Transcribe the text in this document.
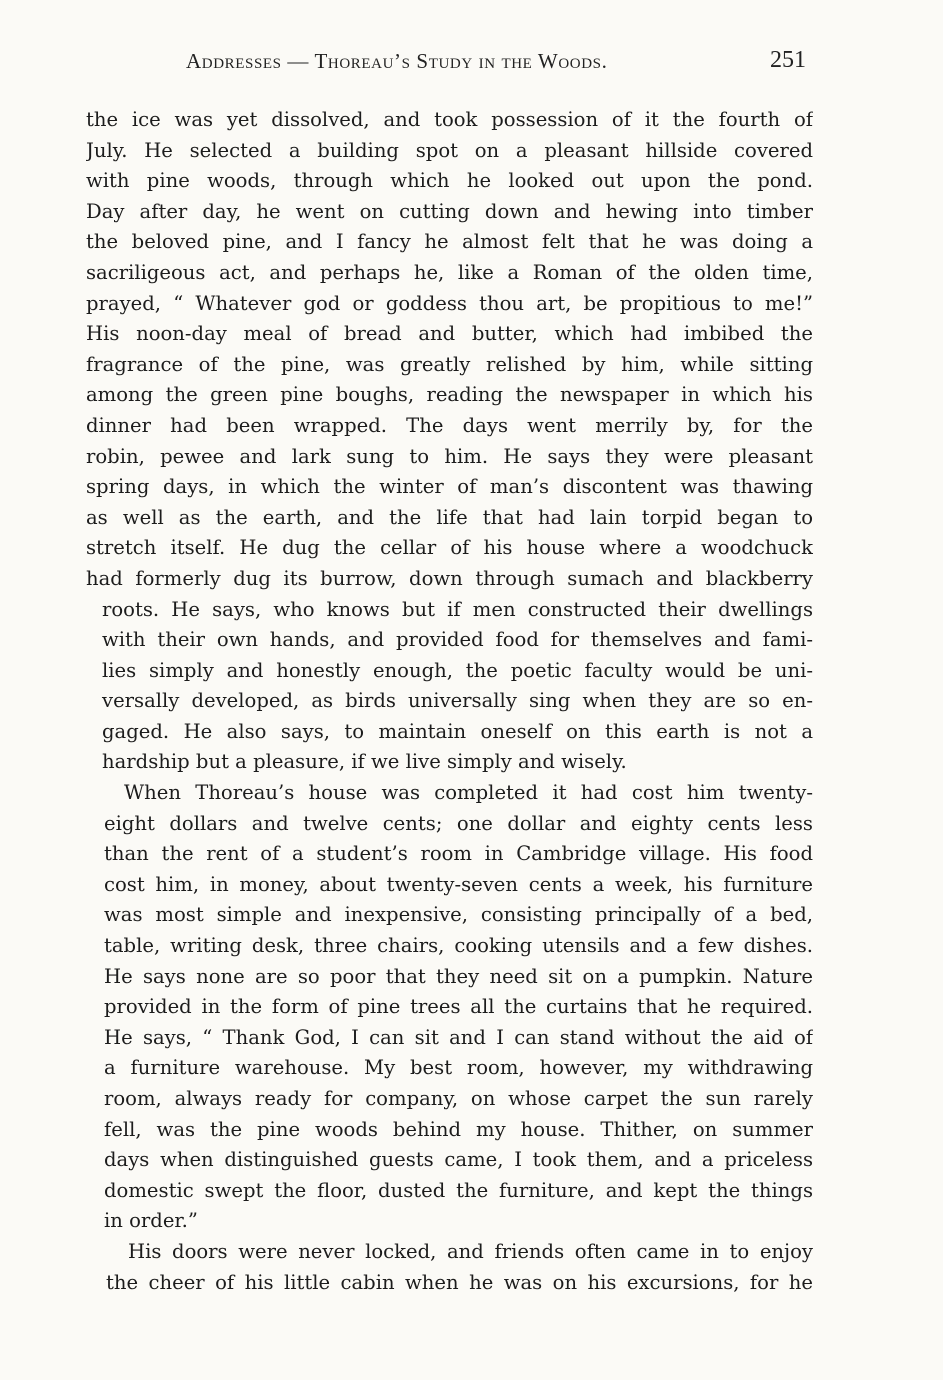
Addresses — Thoreau’s Study in the Woods.	251
the ice was yet dissolved, and took possession of it the fourth of
July. He selected a building spot on a pleasant hillside covered
with pine woods, through which he looked out upon the pond.
Day after day, he went on cutting down and hewing into timber
the beloved pine, and I fancy he almost felt that he was doing a
sacriligeous act, and perhaps he, like a Roman of the olden time,
prayed, “ Whatever god or goddess thou art, be propitious to me!”
His noon-day meal of bread and butter, which had imbibed the
fragrance of the pine, was greatly relished by him, while sitting
among the green pine boughs, reading the newspaper in which his
dinner had been wrapped. The days went merrily by, for the
robin, pewee and lark sung to him. He says they were pleasant
spring days, in which the winter of man’s discontent was thawing
as well as the earth, and the life that had lain torpid began to
stretch itself. He dug the cellar of his house where a woodchuck
had formerly dug its burrow, down through sumach and blackberry
roots. He says, who knows but if men constructed their dwellings
with their own hands, and provided food for themselves and fami-
lies simply and honestly enough, the poetic faculty would be uni-
versally developed, as birds universally sing when they are so en-
gaged. He also says, to maintain oneself on this earth is not a
hardship but a pleasure, if we live simply and wisely.
When Thoreau’s house was completed it had cost him twenty-
eight dollars and twelve cents; one dollar and eighty cents less
than the rent of a student’s room in Cambridge village. His food
cost him, in money, about twenty-seven cents a week, his furniture
was most simple and inexpensive, consisting principally of a bed,
table, writing desk, three chairs, cooking utensils and a few dishes.
He says none are so poor that they need sit on a pumpkin. Nature
provided in the form of pine trees all the curtains that he required.
He says, “ Thank God, I can sit and I can stand without the aid of
a furniture warehouse. My best room, however, my withdrawing
room, always ready for company, on whose carpet the sun rarely
fell, was the pine woods behind my house. Thither, on summer
days when distinguished guests came, I took them, and a priceless
domestic swept the floor, dusted the furniture, and kept the things
in order.”
His doors were never locked, and friends often came in to enjoy
the cheer of his little cabin when he was on his excursions, for he
